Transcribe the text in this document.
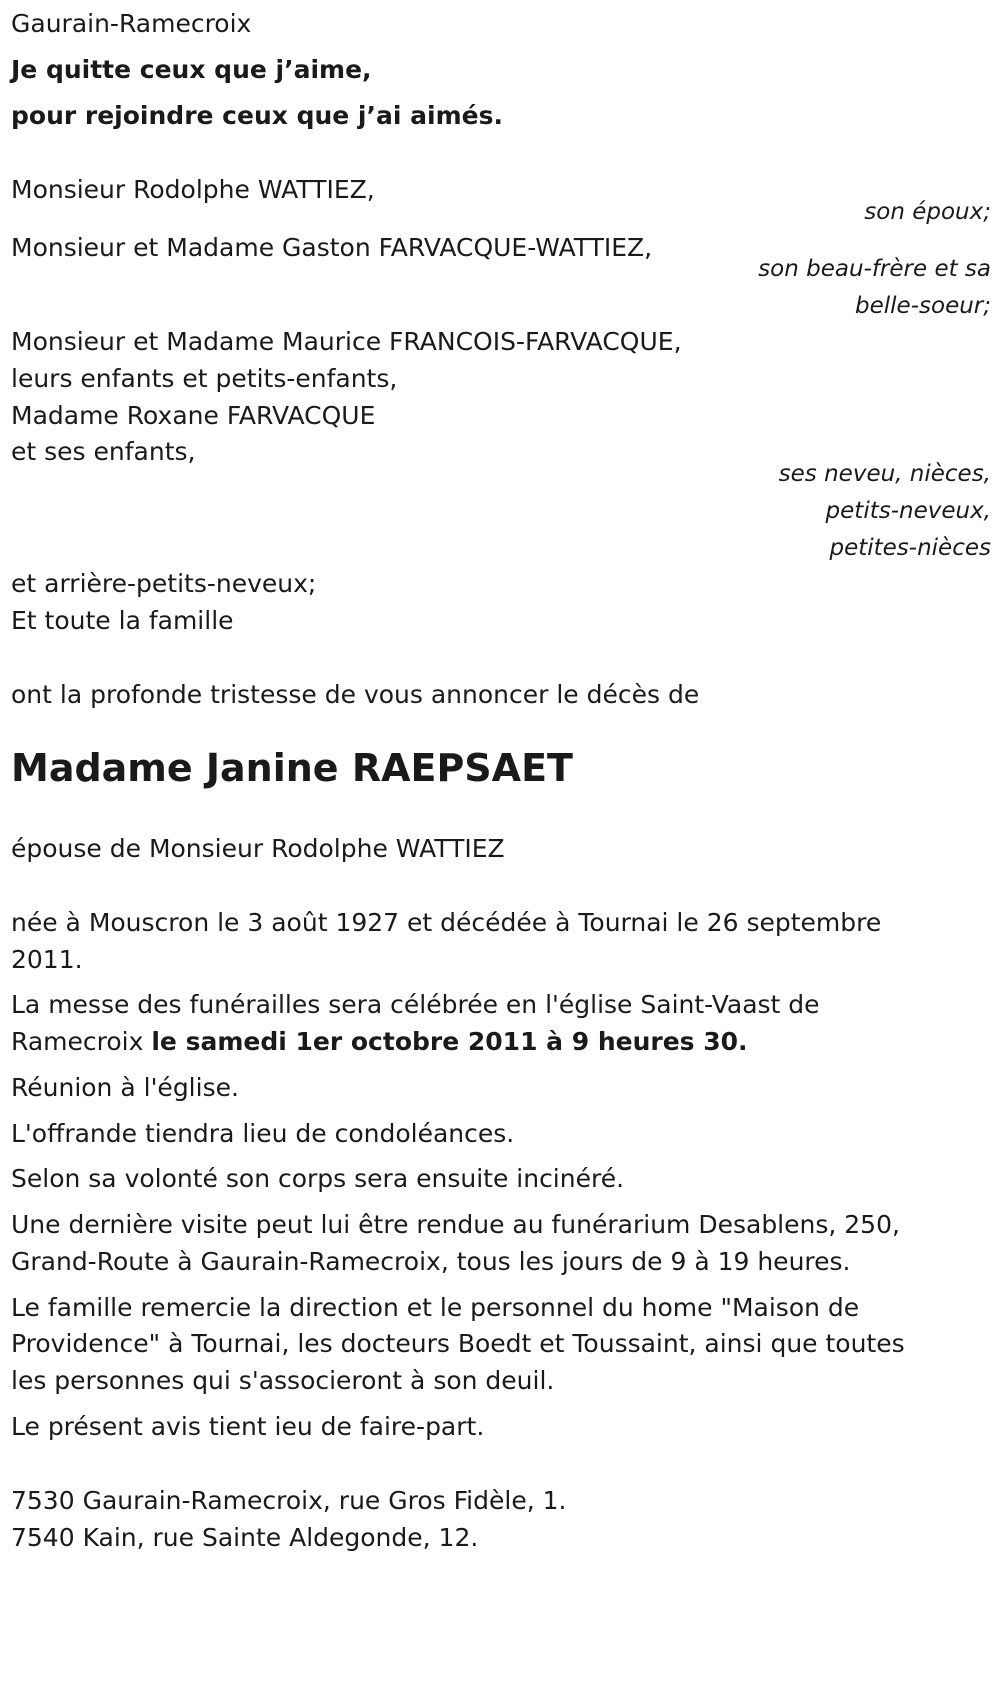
Gaurain-Ramecroix
Je quitte ceux que j’aime,
pour rejoindre ceux que j’ai aimés.
Monsieur Rodolphe WATTIEZ,
son époux;
Monsieur et Madame Gaston FARVACQUE-WATTIEZ,
son beau-frère et sa
belle-soeur;
Monsieur et Madame Maurice FRANCOIS-FARVACQUE,
leurs enfants et petits-enfants,
Madame Roxane FARVACQUE
et ses enfants,
ses neveu, nièces,
petits-neveux,
petites-nièces
et arrière-petits-neveux;
Et toute la famille
ont la profonde tristesse de vous annoncer le décès de
Madame Janine RAEPSAET
épouse de Monsieur Rodolphe WATTIEZ
née à Mouscron le 3 août 1927 et décédée à Tournai le 26 septembre
2011.
La messe des funérailles sera célébrée en l'église Saint-Vaast de
Ramecroix le samedi 1er octobre 2011 à 9 heures 30.
Réunion à l'église.
L'offrande tiendra lieu de condoléances.
Selon sa volonté son corps sera ensuite incinéré.
Une dernière visite peut lui être rendue au funérarium Desablens, 250,
Grand-Route à Gaurain-Ramecroix, tous les jours de 9 à 19 heures.
Le famille remercie la direction et le personnel du home "Maison de
Providence" à Tournai, les docteurs Boedt et Toussaint, ainsi que toutes
les personnes qui s'associeront à son deuil.
Le présent avis tient ieu de faire-part.
7530 Gaurain-Ramecroix, rue Gros Fidèle, 1.
7540 Kain, rue Sainte Aldegonde, 12.
